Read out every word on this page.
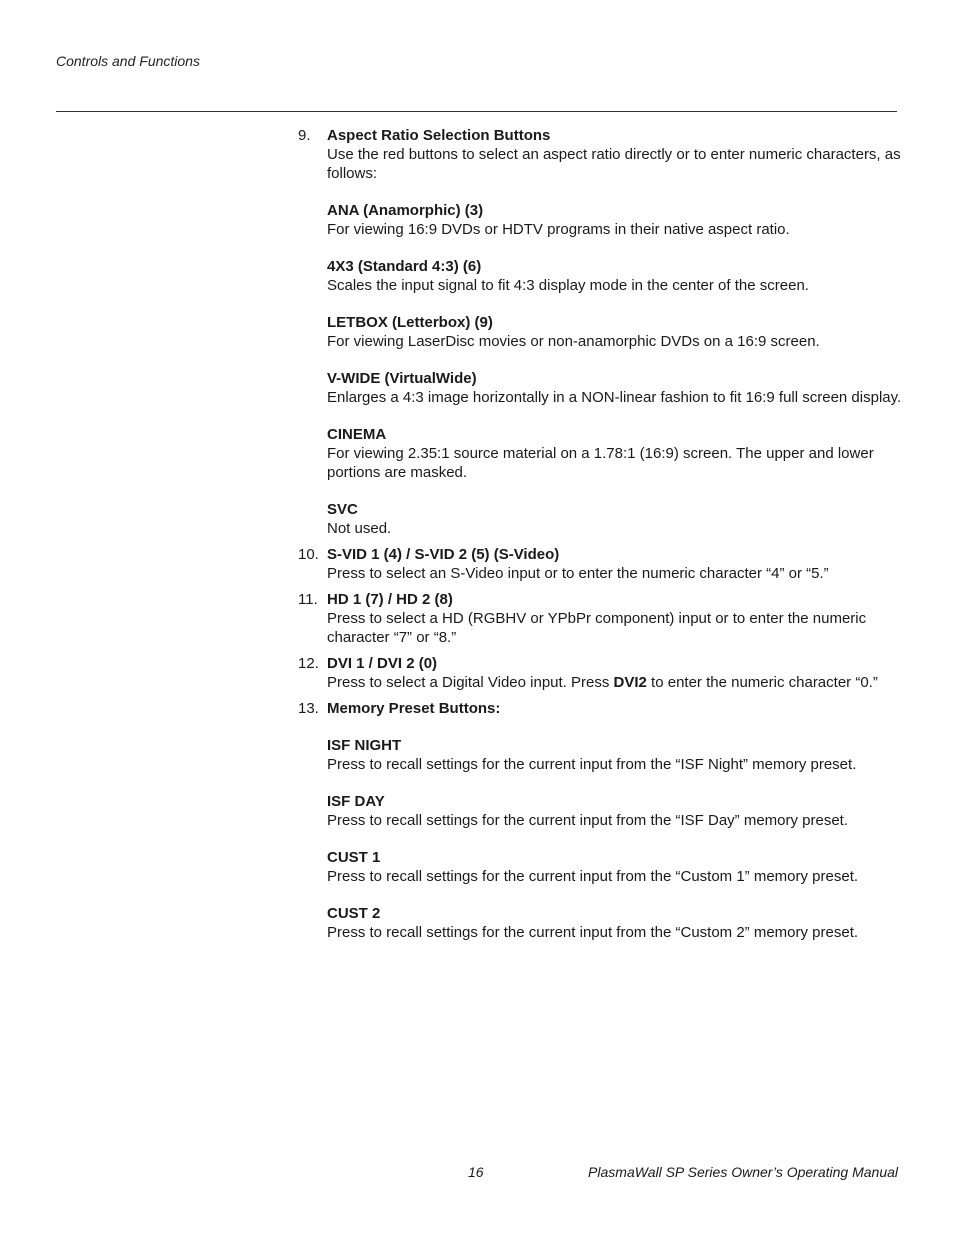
Controls and Functions
9.	Aspect Ratio Selection Buttons
Use the red buttons to select an aspect ratio directly or to enter numeric characters, as follows:
ANA (Anamorphic) (3)
For viewing 16:9 DVDs or HDTV programs in their native aspect ratio.
4X3 (Standard 4:3) (6)
Scales the input signal to fit 4:3 display mode in the center of the screen.
LETBOX (Letterbox) (9)
For viewing LaserDisc movies or non-anamorphic DVDs on a 16:9 screen.
V-WIDE (VirtualWide)
Enlarges a 4:3 image horizontally in a NON-linear fashion to fit 16:9 full screen display.
CINEMA
For viewing 2.35:1 source material on a 1.78:1 (16:9) screen. The upper and lower portions are masked.
SVC
Not used.
10. S-VID 1 (4) / S-VID 2 (5) (S-Video)
Press to select an S-Video input or to enter the numeric character “4” or “5.”
11. HD 1 (7) / HD 2 (8)
Press to select a HD (RGBHV or YPbPr component) input or to enter the numeric character “7” or “8.”
12. DVI 1 / DVI 2 (0)
Press to select a Digital Video input. Press DVI2 to enter the numeric character “0.”
13. Memory Preset Buttons:
ISF NIGHT
Press to recall settings for the current input from the “ISF Night” memory preset.
ISF DAY
Press to recall settings for the current input from the “ISF Day” memory preset.
CUST 1
Press to recall settings for the current input from the “Custom 1” memory preset.
CUST 2
Press to recall settings for the current input from the “Custom 2” memory preset.
16	PlasmaWall SP Series Owner’s Operating Manual
